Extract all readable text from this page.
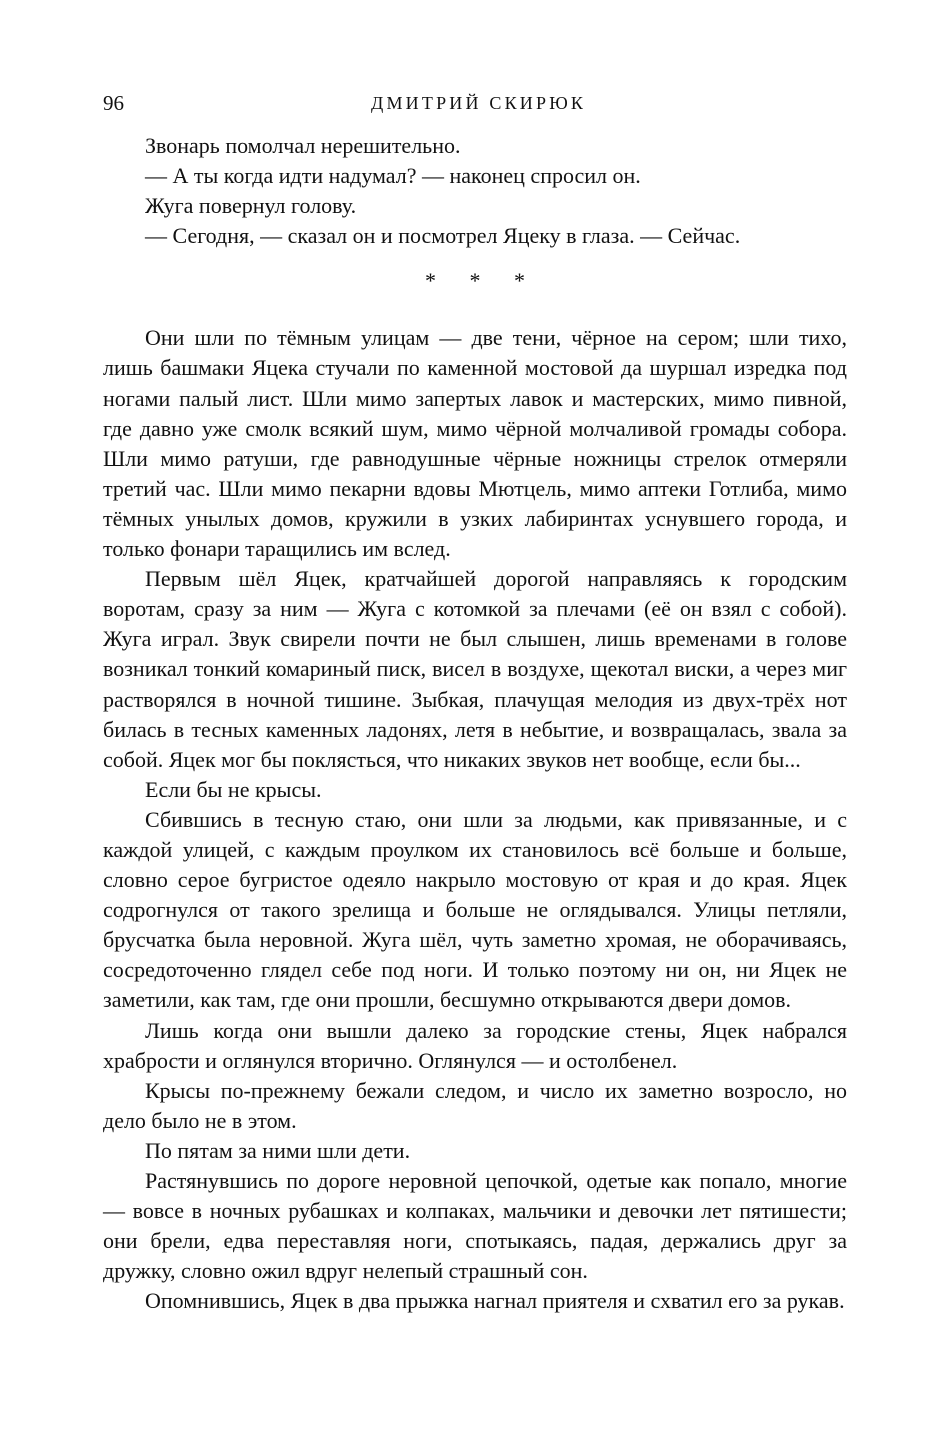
96	ДМИТРИЙ СКИРЮК

Звонарь помолчал нерешительно.

— А ты когда идти надумал? — наконец спросил он.

Жуга повернул голову.

— Сегодня, — сказал он и посмотрел Яцеку в глаза. — Сейчас.

* * *

Они шли по тёмным улицам — две тени, чёрное на сером; шли тихо, лишь башмаки Яцека стучали по каменной мостовой да шуршал изредка под ногами палый лист. Шли мимо запертых лавок и мастерских, мимо пивной, где давно уже смолк всякий шум, мимо чёрной молчаливой громады собора. Шли мимо ратуши, где равнодушные чёрные ножницы стрелок отмеряли третий час. Шли мимо пекарни вдовы Мютцель, мимо аптеки Готлиба, мимо тёмных унылых домов, кружили в узких лабиринтах уснувшего города, и только фонари таращились им вслед.

Первым шёл Яцек, кратчайшей дорогой направляясь к городским воротам, сразу за ним — Жуга с котомкой за плечами (её он взял с собой). Жуга играл. Звук свирели почти не был слышен, лишь временами в голове возникал тонкий комариный писк, висел в воздухе, щекотал виски, а через миг растворялся в ночной тишине. Зыбкая, плачущая мелодия из двух-трёх нот билась в тесных каменных ладонях, летя в небытие, и возвращалась, звала за собой. Яцек мог бы поклясться, что никаких звуков нет вообще, если бы...

Если бы не крысы.

Сбившись в тесную стаю, они шли за людьми, как привязанные, и с каждой улицей, с каждым проулком их становилось всё больше и больше, словно серое бугристое одеяло накрыло мостовую от края и до края. Яцек содрогнулся от такого зрелища и больше не оглядывался. Улицы петляли, брусчатка была неровной. Жуга шёл, чуть заметно хромая, не оборачиваясь, сосредоточенно глядел себе под ноги. И только поэтому ни он, ни Яцек не заметили, как там, где они прошли, бесшумно открываются двери домов.

Лишь когда они вышли далеко за городские стены, Яцек набрался храбрости и оглянулся вторично. Оглянулся — и остолбенел.

Крысы по-прежнему бежали следом, и число их заметно возросло, но дело было не в этом.

По пятам за ними шли дети.

Растянувшись по дороге неровной цепочкой, одетые как попало, многие — вовсе в ночных рубашках и колпаках, мальчики и девочки лет пятишести; они брели, едва переставляя ноги, спотыкаясь, падая, держались друг за дружку, словно ожил вдруг нелепый страшный сон.

Опомнившись, Яцек в два прыжка нагнал приятеля и схватил его за рукав.
